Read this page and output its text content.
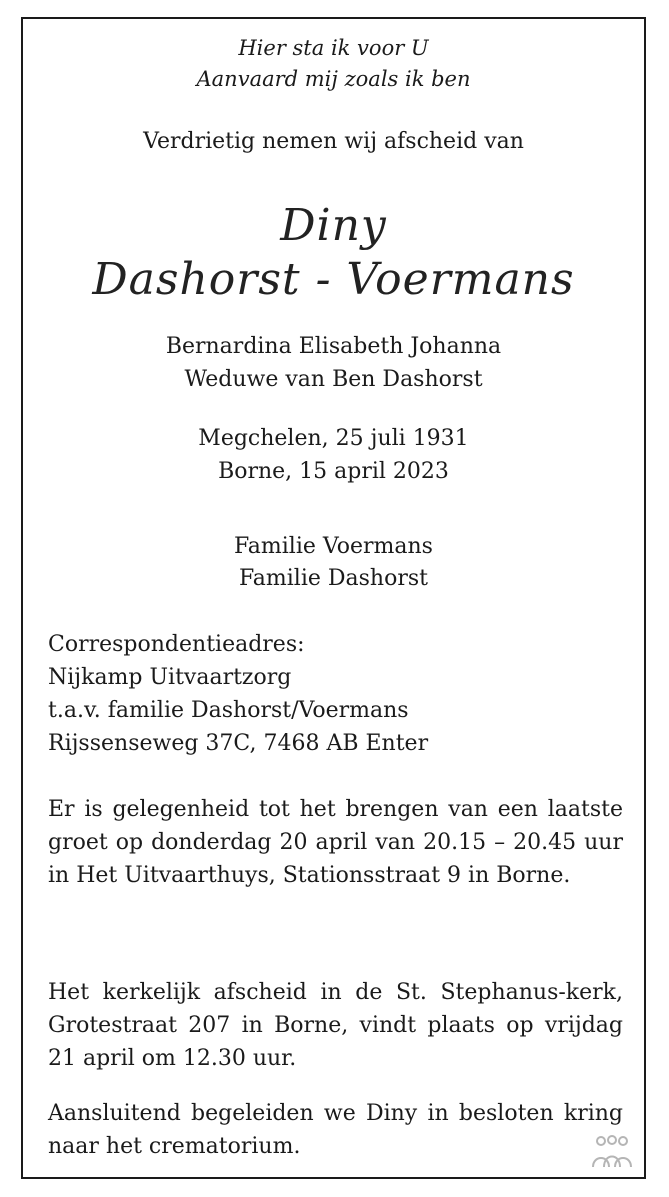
Hier sta ik voor U
Aanvaard mij zoals ik ben
Verdrietig nemen wij afscheid van
Diny
Dashorst - Voermans
Bernardina Elisabeth Johanna
Weduwe van Ben Dashorst
Megchelen, 25 juli 1931
Borne, 15 april 2023
Familie Voermans
Familie Dashorst
Correspondentieadres:
Nijkamp Uitvaartzorg
t.a.v. familie Dashorst/Voermans
Rijssenseweg 37C, 7468 AB Enter
Er is gelegenheid tot het brengen van een laatste groet op donderdag 20 april van 20.15 – 20.45 uur in Het Uitvaarthuys, Stationsstraat 9 in Borne.
Het kerkelijk afscheid in de St. Stephanus-kerk, Grotestraat 207 in Borne, vindt plaats op vrijdag 21 april om 12.30 uur.
Aansluitend begeleiden we Diny in besloten kring naar het crematorium.
